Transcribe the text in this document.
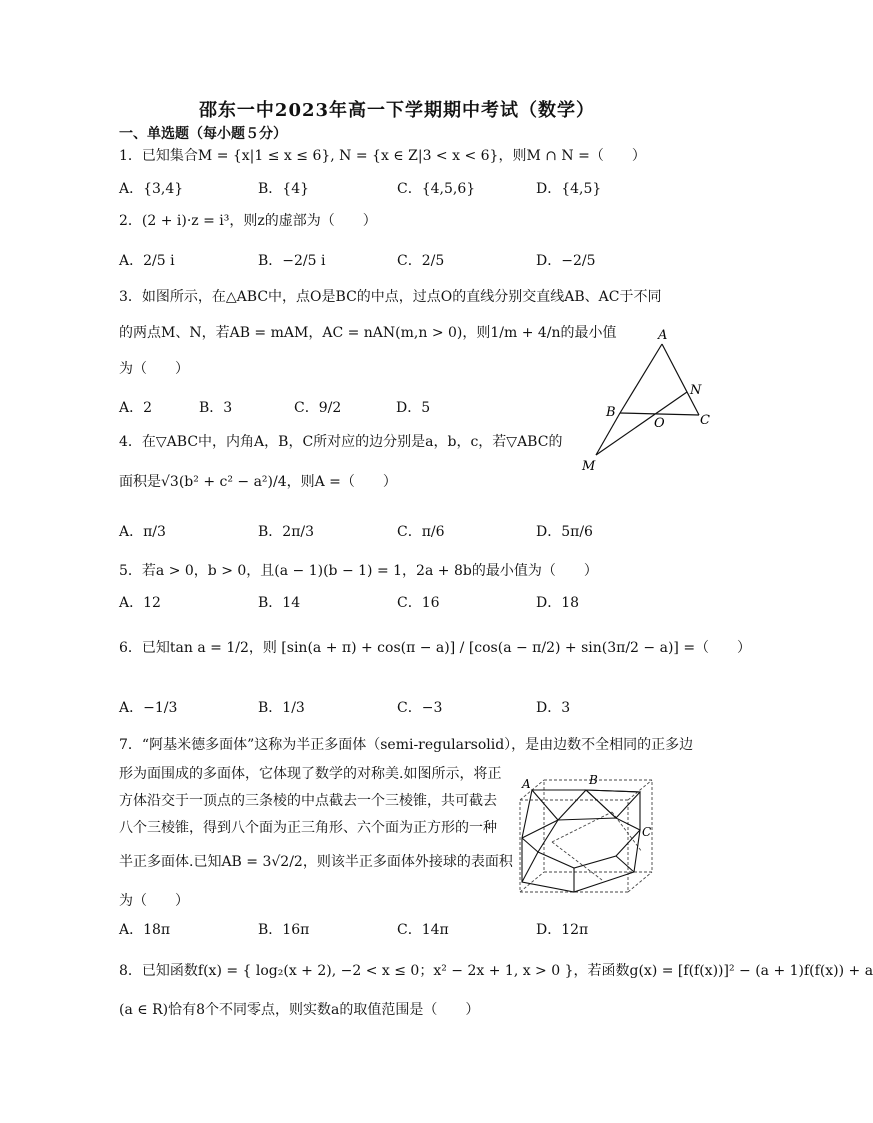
邵东一中2023年高一下学期期中考试（数学）
一、单选题（每小题５分）
1．已知集合M = {x|1 ≤ x ≤ 6}, N = {x ∈ Z|3 < x < 6}，则M ∩ N =（　　）
A．{3,4}	B．{4}	C．{4,5,6}	D．{4,5}
2．(2 + i)·z = i³，则z的虚部为（　　）
A．2/5 i	B．−2/5 i	C．2/5	D．−2/5
3．如图所示，在△ABC中，点O是BC的中点，过点O的直线分别交直线AB、AC于不同
的两点M、N，若AB = mAM，AC = nAN(m,n > 0)，则1/m + 4/n的最小值
为（　　）
A．2	B．3	C．9/2	D．5
A
B
C
O
N
M
4．在▽ABC中，内角A，B，C所对应的边分别是a，b，c，若▽ABC的
面积是√3(b² + c² − a²)/4，则A =（　　）
A．π/3	B．2π/3	C．π/6	D．5π/6
5．若a > 0，b > 0，且(a − 1)(b − 1) = 1，2a + 8b的最小值为（　　）
A．12	B．14	C．16	D．18
6．已知tan a = 1/2，则 [sin(a + π) + cos(π − a)] / [cos(a − π/2) + sin(3π/2 − a)] =（　　）
A．−1/3	B．1/3	C．−3	D．3
7．“阿基米德多面体”这称为半正多面体（semi-regularsolid），是由边数不全相同的正多边
形为面围成的多面体，它体现了数学的对称美.如图所示，将正
方体沿交于一顶点的三条棱的中点截去一个三棱锥，共可截去
八个三棱锥，得到八个面为正三角形、六个面为正方形的一种
半正多面体.已知AB = 3√2/2，则该半正多面体外接球的表面积
为（　　）
A．18π	B．16π	C．14π	D．12π
A	B
C
8．已知函数f(x) = { log₂(x + 2), −2 < x ≤ 0；x² − 2x + 1, x > 0 }，若函数g(x) = [f(f(x))]² − (a + 1)f(f(x)) + a
(a ∈ R)恰有8个不同零点，则实数a的取值范围是（　　）
